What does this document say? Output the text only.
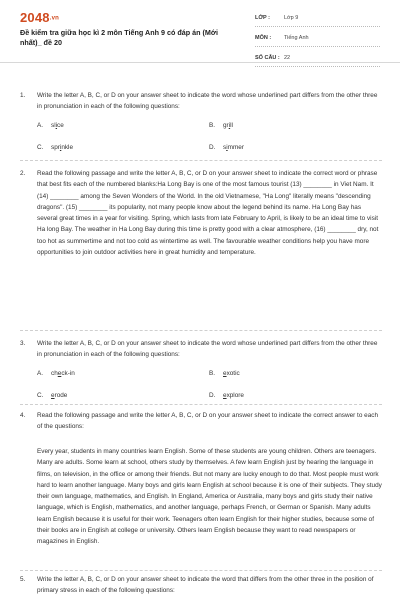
2048.vn
Đề kiểm tra giữa học kì 2 môn Tiếng Anh 9 có đáp án (Mới nhất)_ đề 20
LỚP :	Lớp 9
MÔN : Tiếng Anh
SỐ CÂU : 22
1. Write the letter A, B, C, or D on your answer sheet to indicate the word whose underlined part differs from the other three in pronunciation in each of the following questions:
A. slice	B. grill
C. sprinkle	D. simmer
2. Read the following passage and write the letter A, B, C, or D on your answer sheet to indicate the correct word or phrase that best fits each of the numbered blanks:Ha Long Bay is one of the most famous tourist (13) ________ in Viet Nam. It (14) ________ among the Seven Wonders of the World. In the old Vietnamese, "Ha Long" literally means "descending dragons". (15) ________ its popularity, not many people know about the legend behind its name. Ha Long Bay has several great times in a year for visiting. Spring, which lasts from late February to April, is likely to be an ideal time to visit Ha long Bay. The weather in Ha Long Bay during this time is pretty good with a clear atmosphere, (16) ________ dry, not too hot as summertime and not too cold as wintertime as well. The favourable weather conditions help you have more opportunities to join outdoor activities here in great humidity and temperature.
3. Write the letter A, B, C, or D on your answer sheet to indicate the word whose underlined part differs from the other three in pronunciation in each of the following questions:
A. check-in	B. exotic
C. erode	D. explore
4. Read the following passage and write the letter A, B, C, or D on your answer sheet to indicate the correct answer to each of the questions:

Every year, students in many countries learn English. Some of these students are young children. Others are teenagers. Many are adults. Some learn at school, others study by themselves. A few learn English just by hearing the language in films, on television, in the office or among their friends. But not many are lucky enough to do that. Most people must work hard to learn another language. Many boys and girls learn English at school because it is one of their subjects. They study their own language, mathematics, and English. In England, America or Australia, many boys and girls study their native language, which is English, mathematics, and another language, perhaps French, or German or Spanish. Many adults learn English because it is useful for their work. Teenagers often learn English for their higher studies, because some of their books are in English at college or university. Others learn English because they want to read newspapers or magazines in English.

5. Write the letter A, B, C, or D on your answer sheet to indicate the word that differs from the other three in the position of primary stress in each of the following questions:
